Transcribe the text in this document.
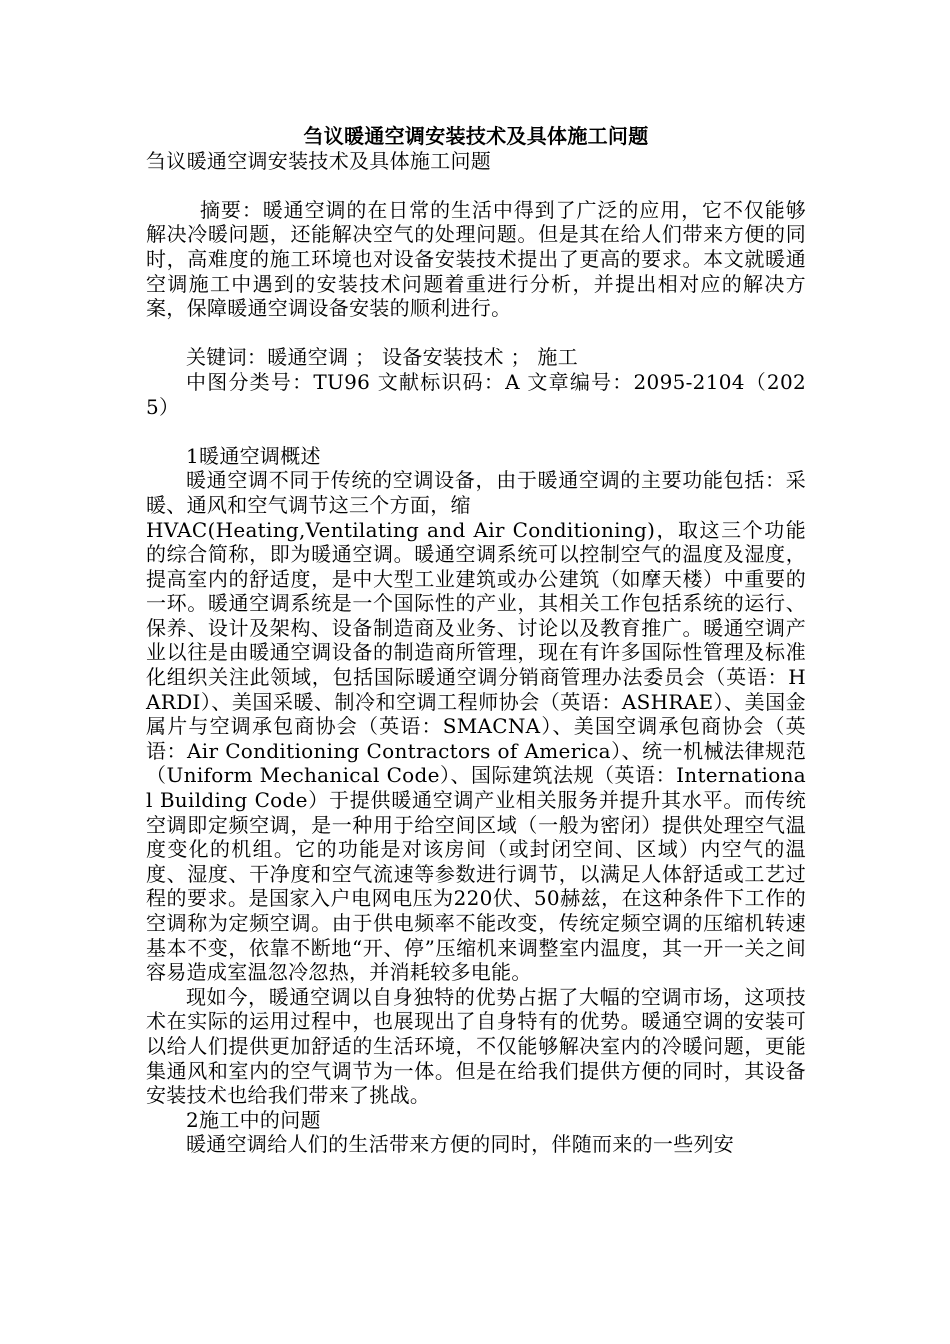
刍议暖通空调安装技术及具体施工问题

刍议暖通空调安装技术及具体施工问题

摘要：暖通空调的在日常的生活中得到了广泛的应用，它不仅能够解决冷暖问题，还能解决空气的处理问题。但是其在给人们带来方便的同时，高难度的施工环境也对设备安装技术提出了更高的要求。本文就暖通空调施工中遇到的安装技术问题着重进行分析，并提出相对应的解决方案，保障暖通空调设备安装的顺利进行。

关键词：暖通空调 ； 设备安装技术 ； 施工

中图分类号：TU96 文献标识码：A 文章编号：2095-2104（2025）

1暖通空调概述

暖通空调不同于传统的空调设备，由于暖通空调的主要功能包括：采暖、通风和空气调节这三个方面，缩

HVAC(Heating,Ventilating and Air Conditioning)，取这三个功能的综合简称，即为暖通空调。暖通空调系统可以控制空气的温度及湿度，提高室内的舒适度，是中大型工业建筑或办公建筑（如摩天楼）中重要的一环。暖通空调系统是一个国际性的产业，其相关工作包括系统的运行、保养、设计及架构、设备制造商及业务、讨论以及教育推广。暖通空调产业以往是由暖通空调设备的制造商所管理，现在有许多国际性管理及标准化组织关注此领域，包括国际暖通空调分销商管理办法委员会（英语：HARDI）、美国采暖、制冷和空调工程师协会（英语：ASHRAE）、美国金属片与空调承包商协会（英语：SMACNA）、美国空调承包商协会（英语：Air Conditioning Contractors of America）、统一机械法律规范（Uniform Mechanical Code）、国际建筑法规（英语：International Building Code）于提供暖通空调产业相关服务并提升其水平。而传统空调即定频空调，是一种用于给空间区域（一般为密闭）提供处理空气温度变化的机组。它的功能是对该房间（或封闭空间、区域）内空气的温度、湿度、干净度和空气流速等参数进行调节，以满足人体舒适或工艺过程的要求。是国家入户电网电压为220伏、50赫兹，在这种条件下工作的空调称为定频空调。由于供电频率不能改变，传统定频空调的压缩机转速基本不变，依靠不断地“开、停”压缩机来调整室内温度，其一开一关之间容易造成室温忽冷忽热，并消耗较多电能。

现如今，暖通空调以自身独特的优势占据了大幅的空调市场，这项技术在实际的运用过程中，也展现出了自身特有的优势。暖通空调的安装可以给人们提供更加舒适的生活环境，不仅能够解决室内的冷暖问题，更能集通风和室内的空气调节为一体。但是在给我们提供方便的同时，其设备安装技术也给我们带来了挑战。

2施工中的问题

暖通空调给人们的生活带来方便的同时，伴随而来的一些列安
